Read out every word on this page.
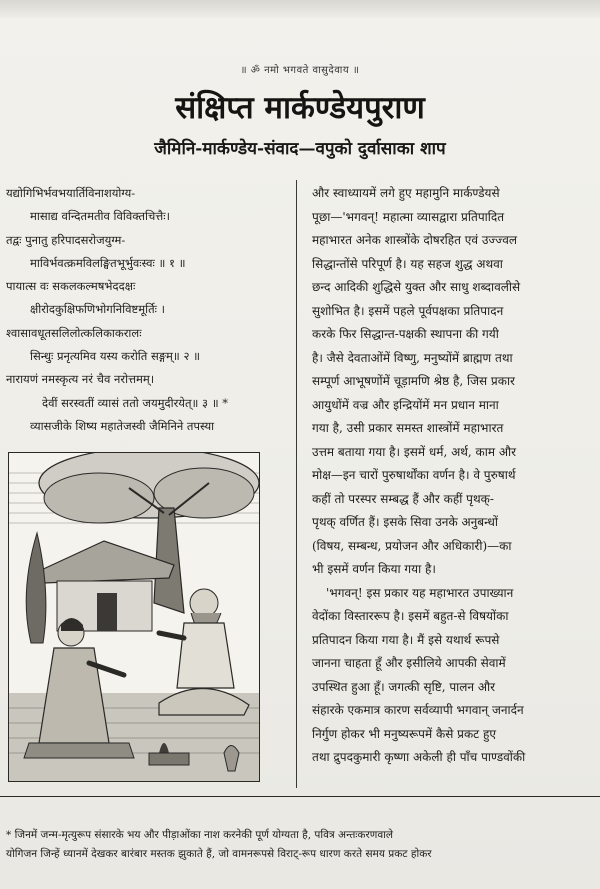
॥ ॐ नमो भगवते वासुदेवाय ॥
संक्षिप्त मार्कण्डेयपुराण
जैमिनि-मार्कण्डेय-संवाद—वपुको दुर्वासाका शाप
यद्योगिभिर्भवभयार्तिविनाशयोग्य-
मासाद्य वन्दितमतीव विविक्तचित्तैः।
तद्वः पुनातु हरिपादसरोजयुग्म-
माविर्भवत्क्रमविलङ्घितभूर्भुवःस्वः ॥ १ ॥
पायात्स वः सकलकल्मषभेददक्षः
क्षीरोदकुक्षिफणिभोगनिविष्टमूर्तिः ।
श्वासावधूतसलिलोत्कलिकाकरालः
सिन्धुः प्रनृत्यमिव यस्य करोति सङ्गम्॥ २ ॥
नारायणं नमस्कृत्य नरं चैव नरोत्तमम्।
देवीं सरस्वतीं व्यासं ततो जयमुदीरयेत्॥ ३ ॥ *
व्यासजीके शिष्य महातेजस्वी जैमिनिने तपस्या
और स्वाध्यायमें लगे हुए महामुनि मार्कण्डेयसे
पूछा—'भगवन्! महात्मा व्यासद्वारा प्रतिपादित
महाभारत अनेक शास्त्रोंके दोषरहित एवं उज्ज्वल
सिद्धान्तोंसे परिपूर्ण है। यह सहज शुद्ध अथवा
छन्द आदिकी शुद्धिसे युक्त और साधु शब्दावलीसे
सुशोभित है। इसमें पहले पूर्वपक्षका प्रतिपादन
करके फिर सिद्धान्त-पक्षकी स्थापना की गयी
है। जैसे देवताओंमें विष्णु, मनुष्योंमें ब्राह्मण तथा
सम्पूर्ण आभूषणोंमें चूड़ामणि श्रेष्ठ है, जिस प्रकार
आयुधोंमें वज्र और इन्द्रियोंमें मन प्रधान माना
गया है, उसी प्रकार समस्त शास्त्रोंमें महाभारत
उत्तम बताया गया है। इसमें धर्म, अर्थ, काम और
मोक्ष—इन चारों पुरुषार्थोंका वर्णन है। वे पुरुषार्थ
कहीं तो परस्पर सम्बद्ध हैं और कहीं पृथक्-
पृथक् वर्णित हैं। इसके सिवा उनके अनुबन्धों
(विषय, सम्बन्ध, प्रयोजन और अधिकारी)—का
भी इसमें वर्णन किया गया है।
'भगवन्! इस प्रकार यह महाभारत उपाख्यान
वेदोंका विस्ताररूप है। इसमें बहुत-से विषयोंका
प्रतिपादन किया गया है। मैं इसे यथार्थ रूपसे
जानना चाहता हूँ और इसीलिये आपकी सेवामें
उपस्थित हुआ हूँ। जगत्की सृष्टि, पालन और
संहारके एकमात्र कारण सर्वव्यापी भगवान् जनार्दन
निर्गुण होकर भी मनुष्यरूपमें कैसे प्रकट हुए
तथा द्रुपदकुमारी कृष्णा अकेली ही पाँच पाण्डवोंकी
* जिनमें जन्म-मृत्युरूप संसारके भय और पीड़ाओंका नाश करनेकी पूर्ण योग्यता है, पवित्र अन्तःकरणवाले
योगिजन जिन्हें ध्यानमें देखकर बारंबार मस्तक झुकाते हैं, जो वामनरूपसे विराट्-रूप धारण करते समय प्रकट होकर
